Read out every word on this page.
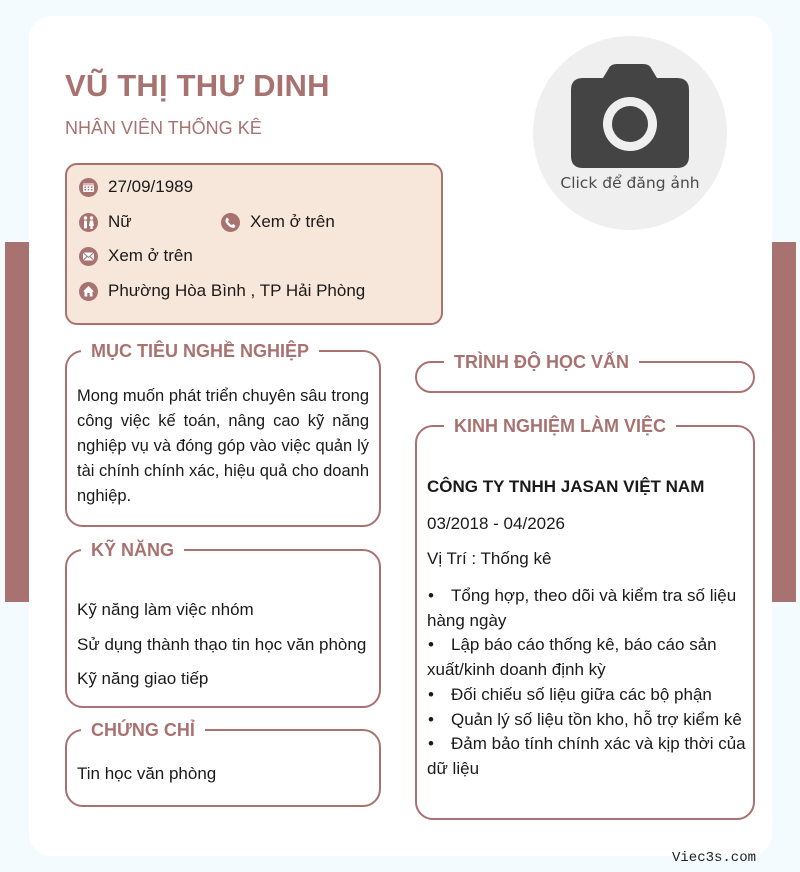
VŨ THỊ THƯ DINH
NHÂN VIÊN THỐNG KÊ
Click để đăng ảnh
27/09/1989
Nữ	Xem ở trên
Xem ở trên
Phường Hòa Bình , TP Hải Phòng
MỤC TIÊU NGHỀ NGHIỆP
Mong muốn phát triển chuyên sâu trong công việc kế toán, nâng cao kỹ năng nghiệp vụ và đóng góp vào việc quản lý tài chính chính xác, hiệu quả cho doanh nghiệp.
KỸ NĂNG
Kỹ năng làm việc nhóm
Sử dụng thành thạo tin học văn phòng
Kỹ năng giao tiếp
CHỨNG CHỈ
Tin học văn phòng
TRÌNH ĐỘ HỌC VẤN
KINH NGHIỆM LÀM VIỆC
CÔNG TY TNHH JASAN VIỆT NAM
03/2018 - 04/2026
Vị Trí : Thống kê
• Tổng hợp, theo dõi và kiểm tra số liệu hàng ngày
• Lập báo cáo thống kê, báo cáo sản xuất/kinh doanh định kỳ
• Đối chiếu số liệu giữa các bộ phận
• Quản lý số liệu tồn kho, hỗ trợ kiểm kê
• Đảm bảo tính chính xác và kịp thời của dữ liệu
Viec3s.com
